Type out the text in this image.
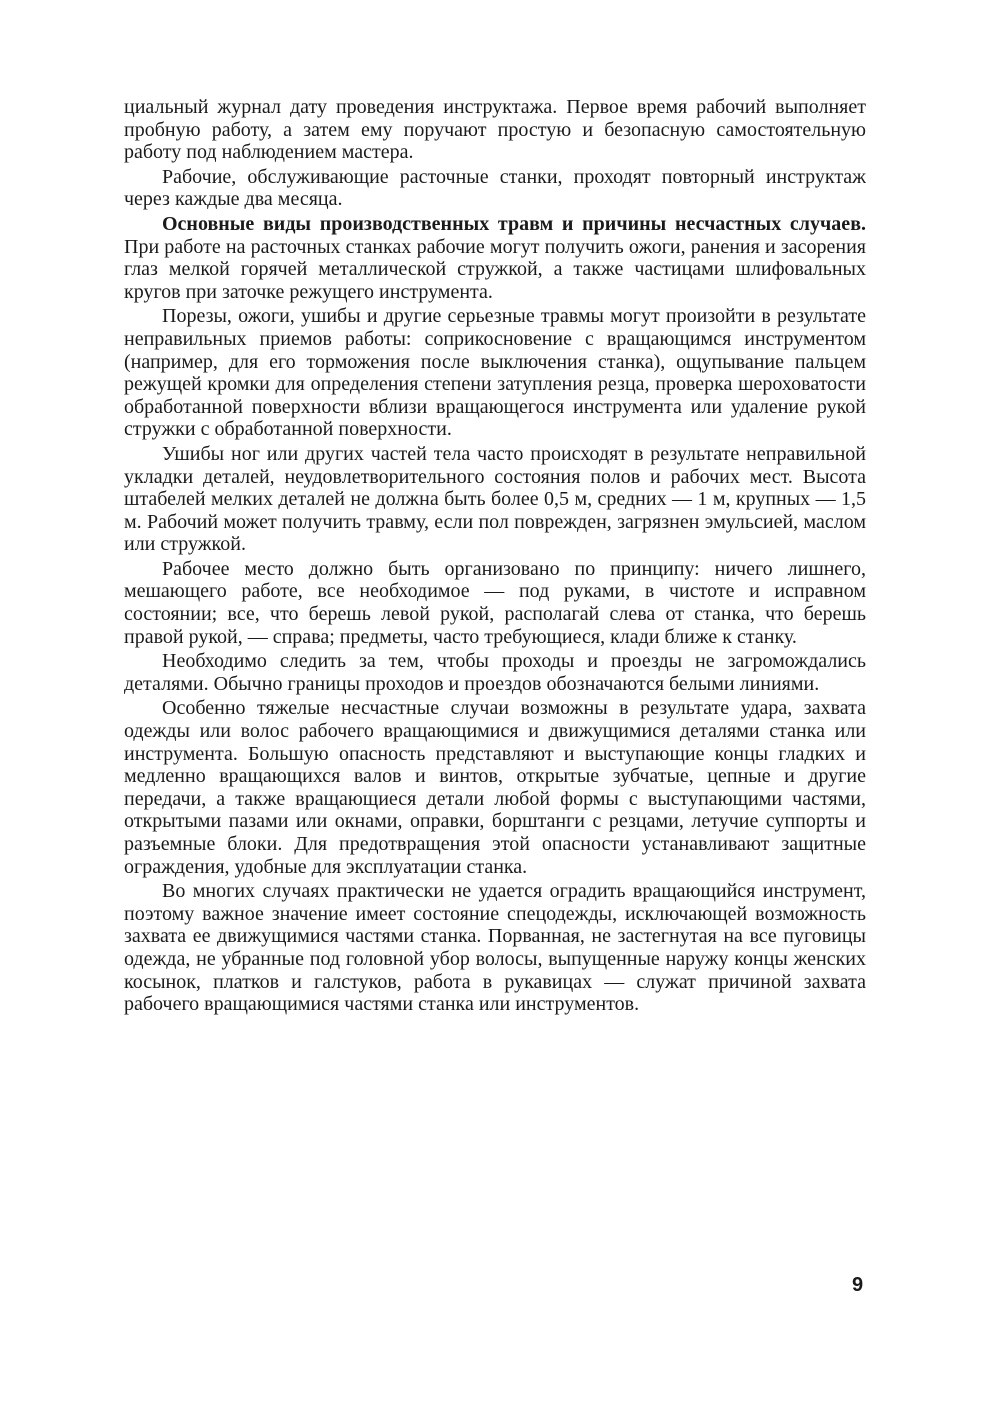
циальный журнал дату проведения инструктажа. Первое время рабочий выполняет пробную работу, а затем ему поручают простую и безопасную самостоятельную работу под наблюдением мастера.

Рабочие, обслуживающие расточные станки, проходят повторный инструктаж через каждые два месяца.

Основные виды производственных травм и причины несчастных случаев. При работе на расточных станках рабочие могут получить ожоги, ранения и засорения глаз мелкой горячей металлической стружкой, а также частицами шлифовальных кругов при заточке режущего инструмента.

Порезы, ожоги, ушибы и другие серьезные травмы могут произойти в результате неправильных приемов работы: соприкосновение с вращающимся инструментом (например, для его торможения после выключения станка), ощупывание пальцем режущей кромки для определения степени затупления резца, проверка шероховатости обработанной поверхности вблизи вращающегося инструмента или удаление рукой стружки с обработанной поверхности.

Ушибы ног или других частей тела часто происходят в результате неправильной укладки деталей, неудовлетворительного состояния полов и рабочих мест. Высота штабелей мелких деталей не должна быть более 0,5 м, средних — 1 м, крупных — 1,5 м. Рабочий может получить травму, если пол поврежден, загрязнен эмульсией, маслом или стружкой.

Рабочее место должно быть организовано по принципу: ничего лишнего, мешающего работе, все необходимое — под руками, в чистоте и исправном состоянии; все, что берешь левой рукой, располагай слева от станка, что берешь правой рукой, — справа; предметы, часто требующиеся, клади ближе к станку.

Необходимо следить за тем, чтобы проходы и проезды не загромождались деталями. Обычно границы проходов и проездов обозначаются белыми линиями.

Особенно тяжелые несчастные случаи возможны в результате удара, захвата одежды или волос рабочего вращающимися и движущимися деталями станка или инструмента. Большую опасность представляют и выступающие концы гладких и медленно вращающихся валов и винтов, открытые зубчатые, цепные и другие передачи, а также вращающиеся детали любой формы с выступающими частями, открытыми пазами или окнами, оправки, борштанги с резцами, летучие суппорты и разъемные блоки. Для предотвращения этой опасности устанавливают защитные ограждения, удобные для эксплуатации станка.

Во многих случаях практически не удается оградить вращающийся инструмент, поэтому важное значение имеет состояние спецодежды, исключающей возможность захвата ее движущимися частями станка. Порванная, не застегнутая на все пуговицы одежда, не убранные под головной убор волосы, выпущенные наружу концы женских косынок, платков и галстуков, работа в рукавицах — служат причиной захвата рабочего вращающимися частями станка или инструментов.

9
